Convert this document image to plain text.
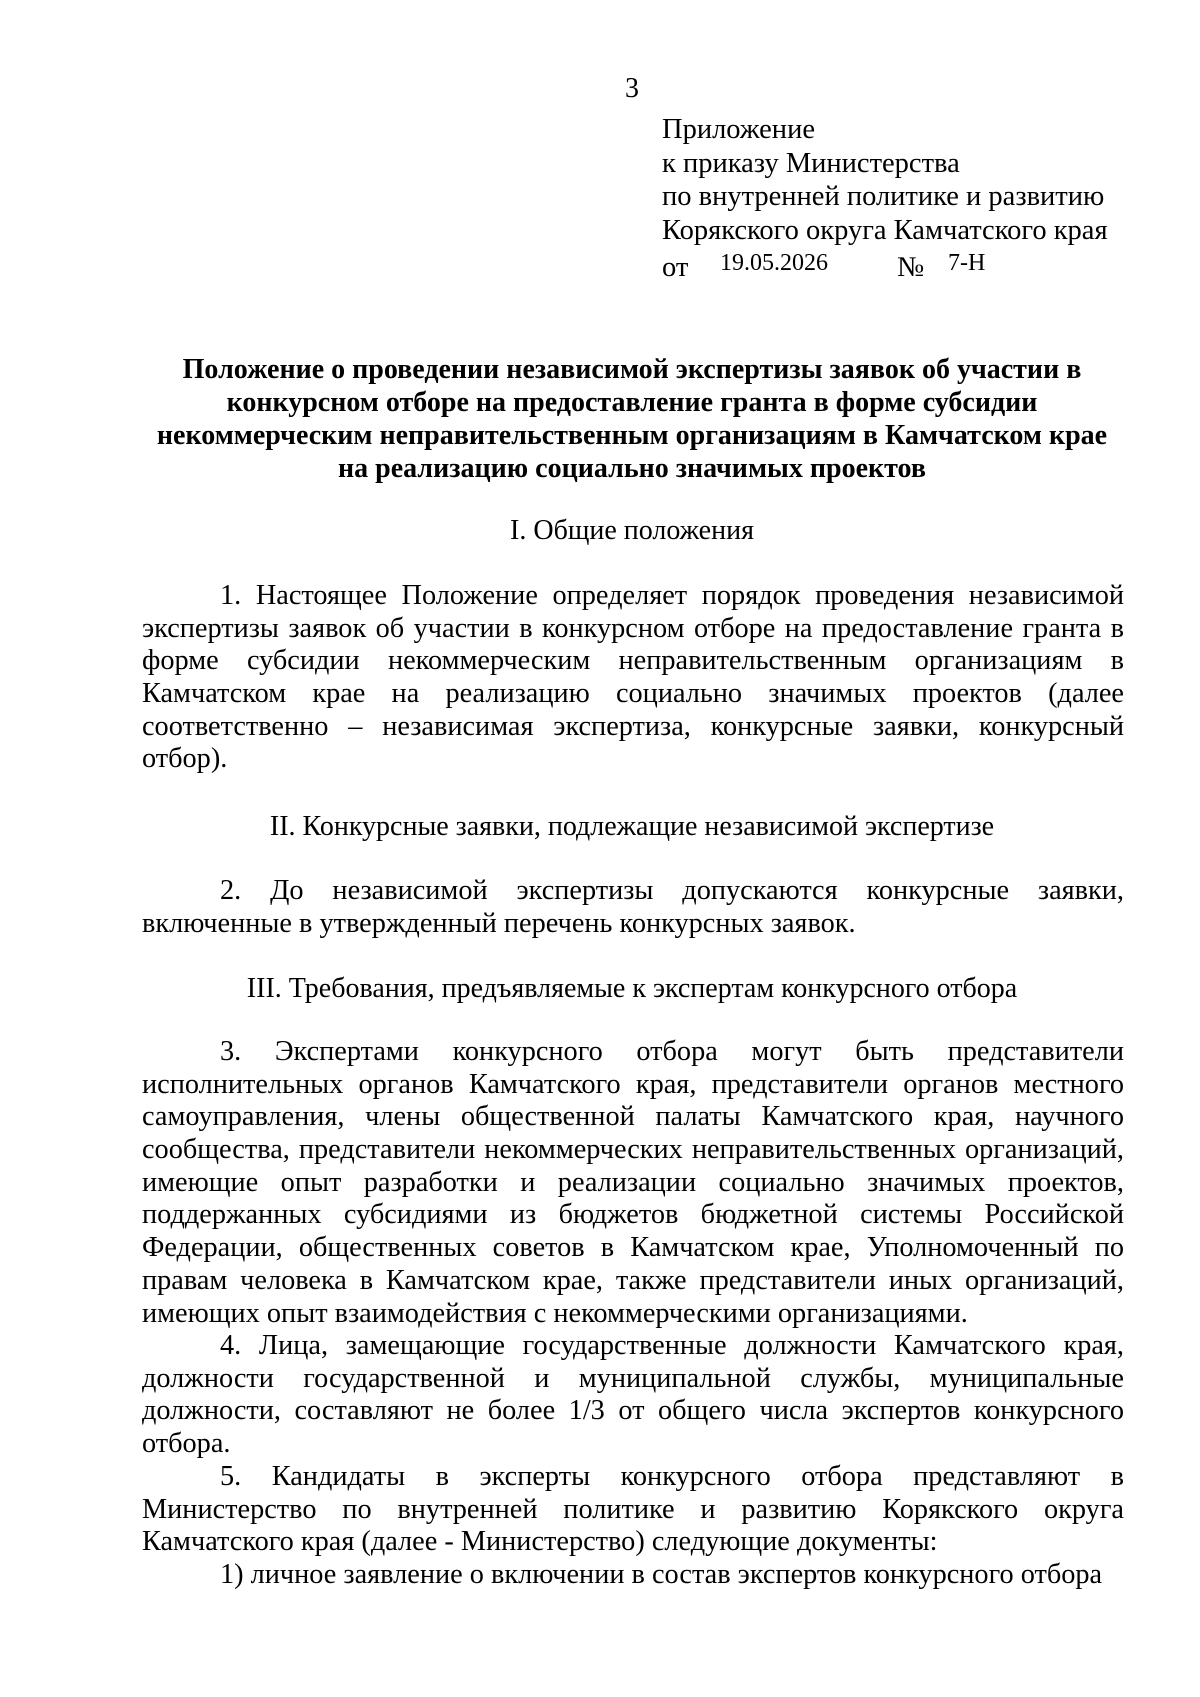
3
Приложение
к приказу Министерства
по внутренней политике и развитию
Корякского округа Камчатского края
от 19.05.2026 № 7-Н
Положение о проведении независимой экспертизы заявок об участии в
конкурсном отборе на предоставление гранта в форме субсидии
некоммерческим неправительственным организациям в Камчатском крае
на реализацию социально значимых проектов
I. Общие положения
1. Настоящее Положение определяет порядок проведения независимой
экспертизы заявок об участии в конкурсном отборе на предоставление гранта в
форме субсидии некоммерческим неправительственным организациям в
Камчатском крае на реализацию социально значимых проектов (далее
соответственно – независимая экспертиза, конкурсные заявки, конкурсный
отбор).
II. Конкурсные заявки, подлежащие независимой экспертизе
2. До независимой экспертизы допускаются конкурсные заявки,
включенные в утвержденный перечень конкурсных заявок.
III. Требования, предъявляемые к экспертам конкурсного отбора
3. Экспертами конкурсного отбора могут быть представители
исполнительных органов Камчатского края, представители органов местного
самоуправления, члены общественной палаты Камчатского края, научного
сообщества, представители некоммерческих неправительственных организаций,
имеющие опыт разработки и реализации социально значимых проектов,
поддержанных субсидиями из бюджетов бюджетной системы Российской
Федерации, общественных советов в Камчатском крае, Уполномоченный по
правам человека в Камчатском крае, также представители иных организаций,
имеющих опыт взаимодействия с некоммерческими организациями.
4. Лица, замещающие государственные должности Камчатского края,
должности государственной и муниципальной службы, муниципальные
должности, составляют не более 1/3 от общего числа экспертов конкурсного
отбора.
5. Кандидаты в эксперты конкурсного отбора представляют в
Министерство по внутренней политике и развитию Корякского округа
Камчатского края (далее - Министерство) следующие документы:
1) личное заявление о включении в состав экспертов конкурсного отбора
